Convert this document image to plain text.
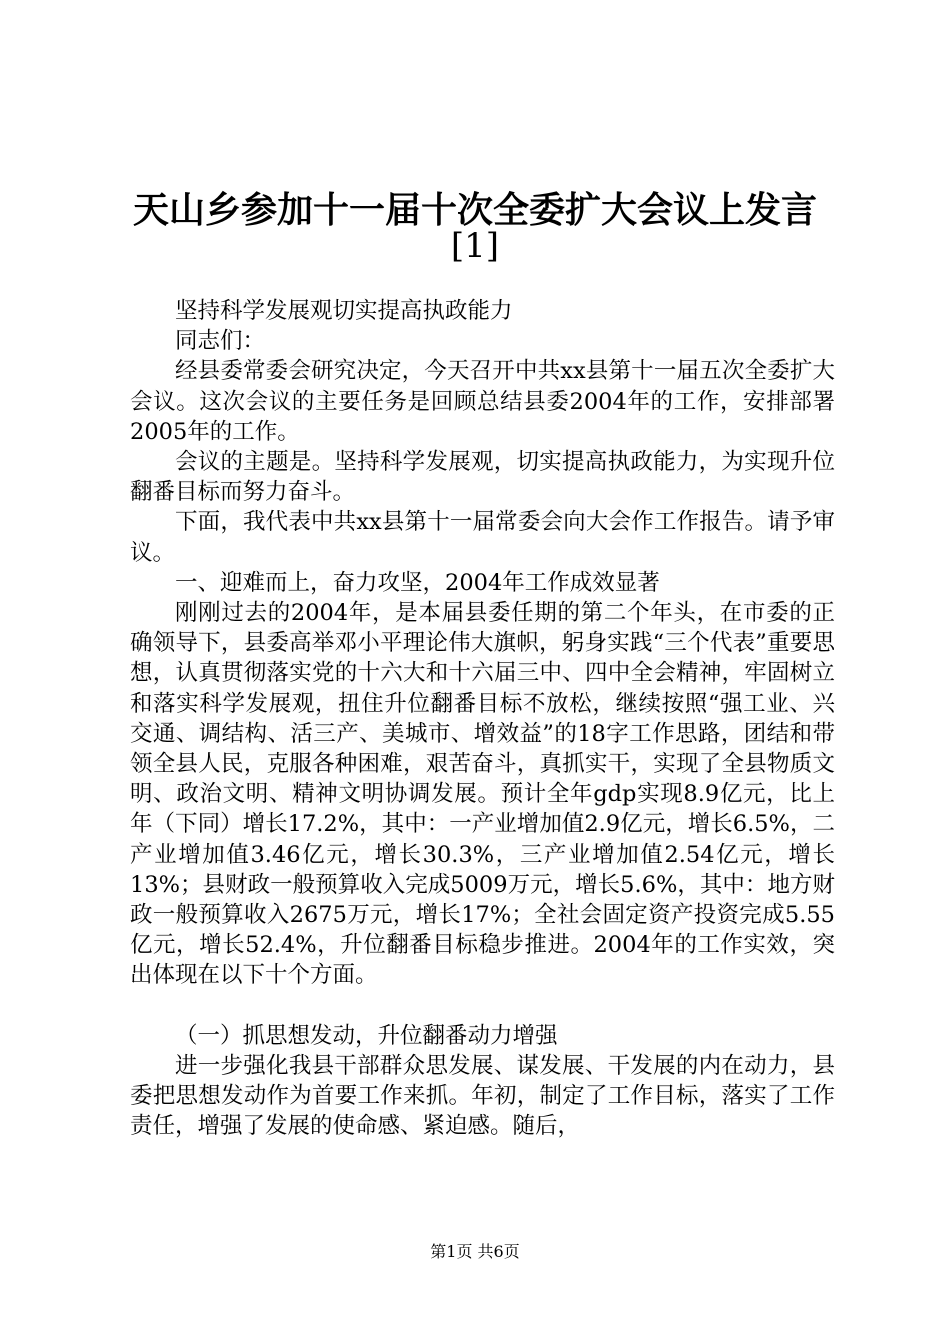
天山乡参加十一届十次全委扩大会议上发言
[1]

坚持科学发展观切实提高执政能力

同志们：

经县委常委会研究决定，今天召开中共xx县第十一届五次全委扩大会议。这次会议的主要任务是回顾总结县委2004年的工作，安排部署2005年的工作。

会议的主题是。坚持科学发展观，切实提高执政能力，为实现升位翻番目标而努力奋斗。

下面，我代表中共xx县第十一届常委会向大会作工作报告。请予审议。

一、迎难而上，奋力攻坚，2004年工作成效显著

刚刚过去的2004年，是本届县委任期的第二个年头，在市委的正确领导下，县委高举邓小平理论伟大旗帜，躬身实践“三个代表”重要思想，认真贯彻落实党的十六大和十六届三中、四中全会精神，牢固树立和落实科学发展观，扭住升位翻番目标不放松，继续按照“强工业、兴交通、调结构、活三产、美城市、增效益”的18字工作思路，团结和带领全县人民，克服各种困难，艰苦奋斗，真抓实干，实现了全县物质文明、政治文明、精神文明协调发展。预计全年gdp实现8.9亿元，比上年（下同）增长17.2%，其中：一产业增加值2.9亿元，增长6.5%，二产业增加值3.46亿元，增长30.3%，三产业增加值2.54亿元，增长13%；县财政一般预算收入完成5009万元，增长5.6%，其中：地方财政一般预算收入2675万元，增长17%；全社会固定资产投资完成5.55亿元，增长52.4%，升位翻番目标稳步推进。2004年的工作实效，突出体现在以下十个方面。

（一）抓思想发动，升位翻番动力增强

进一步强化我县干部群众思发展、谋发展、干发展的内在动力，县委把思想发动作为首要工作来抓。年初，制定了工作目标，落实了工作责任，增强了发展的使命感、紧迫感。随后，

第1页 共6页
